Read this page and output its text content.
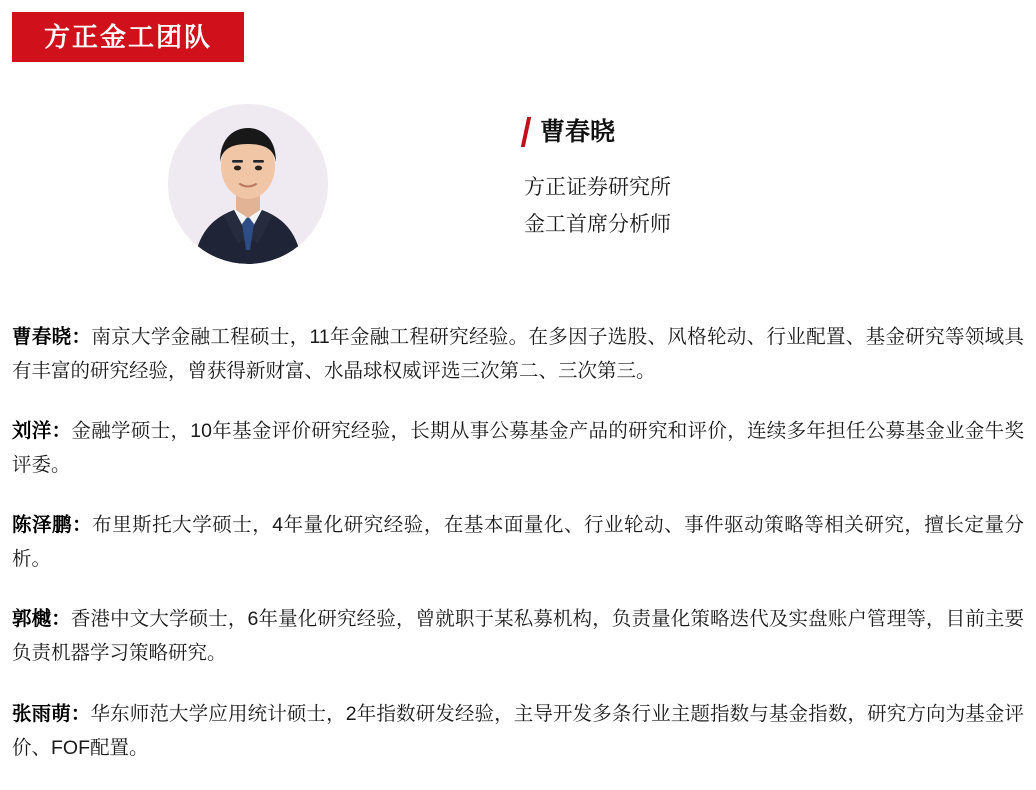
方正金工团队
曹春晓
方正证券研究所
金工首席分析师

曹春晓：南京大学金融工程硕士，11年金融工程研究经验。在多因子选股、风格轮动、行业配置、基金研究等领域具有丰富的研究经验，曾获得新财富、水晶球权威评选三次第二、三次第三。

刘洋：金融学硕士，10年基金评价研究经验，长期从事公募基金产品的研究和评价，连续多年担任公募基金业金牛奖评委。

陈泽鹏：布里斯托大学硕士，4年量化研究经验，在基本面量化、行业轮动、事件驱动策略等相关研究，擅长定量分析。

郭樾：香港中文大学硕士，6年量化研究经验，曾就职于某私募机构，负责量化策略迭代及实盘账户管理等，目前主要负责机器学习策略研究。

张雨萌：华东师范大学应用统计硕士，2年指数研发经验，主导开发多条行业主题指数与基金指数，研究方向为基金评价、FOF配置。
